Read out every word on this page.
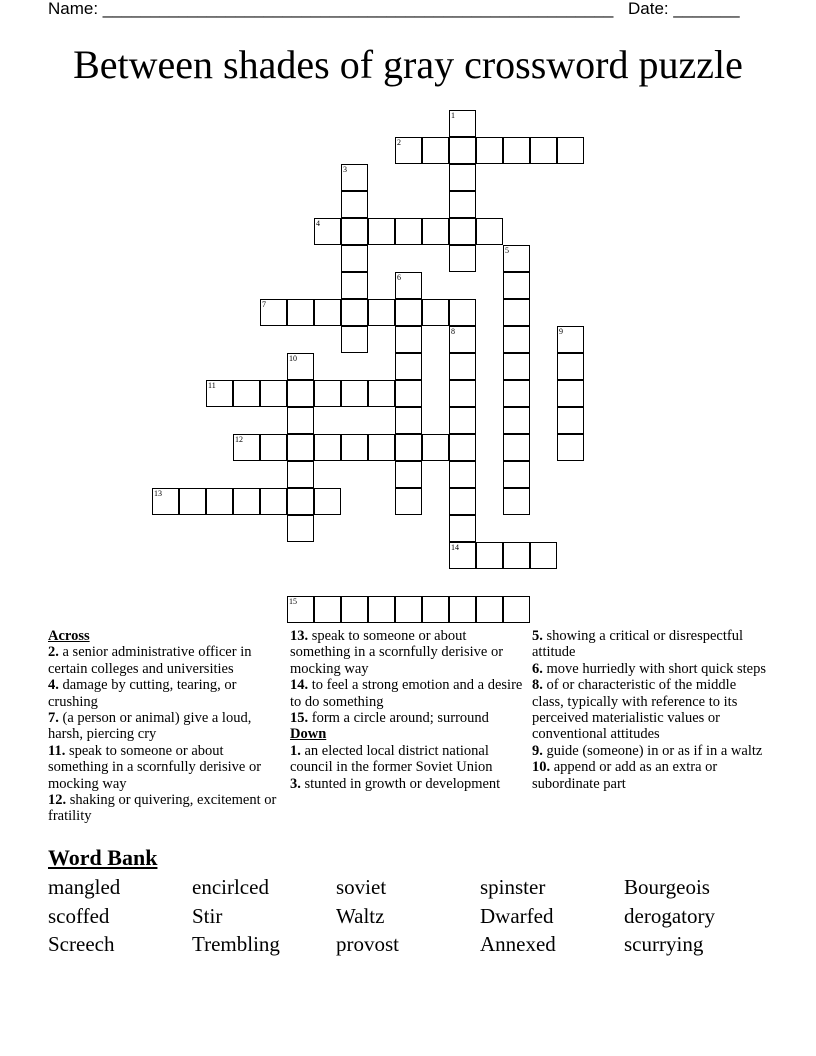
Name: ______________________________________________________ Date: _______
Between shades of gray crossword puzzle
1
2
3
4
5
6
7
8
14
9
10
11
12
13
15
Across
2. a senior administrative officer in certain colleges and universities
4. damage by cutting, tearing, or crushing
7. (a person or animal) give a loud, harsh, piercing cry
11. speak to someone or about something in a scornfully derisive or mocking way
12. shaking or quivering, excitement or fratility
13. speak to someone or about something in a scornfully derisive or mocking way
14. to feel a strong emotion and a desire to do something
15. form a circle around; surround
Down
1. an elected local district national council in the former Soviet Union
3. stunted in growth or development
5. showing a critical or disrespectful attitude
6. move hurriedly with short quick steps
8. of or characteristic of the middle class, typically with reference to its perceived materialistic values or conventional attitudes
9. guide (someone) in or as if in a waltz
10. append or add as an extra or subordinate part
Word Bank
mangled	encirlced	soviet	spinster	Bourgeois
scoffed	Stir	Waltz	Dwarfed	derogatory
Screech	Trembling	provost	Annexed	scurrying
